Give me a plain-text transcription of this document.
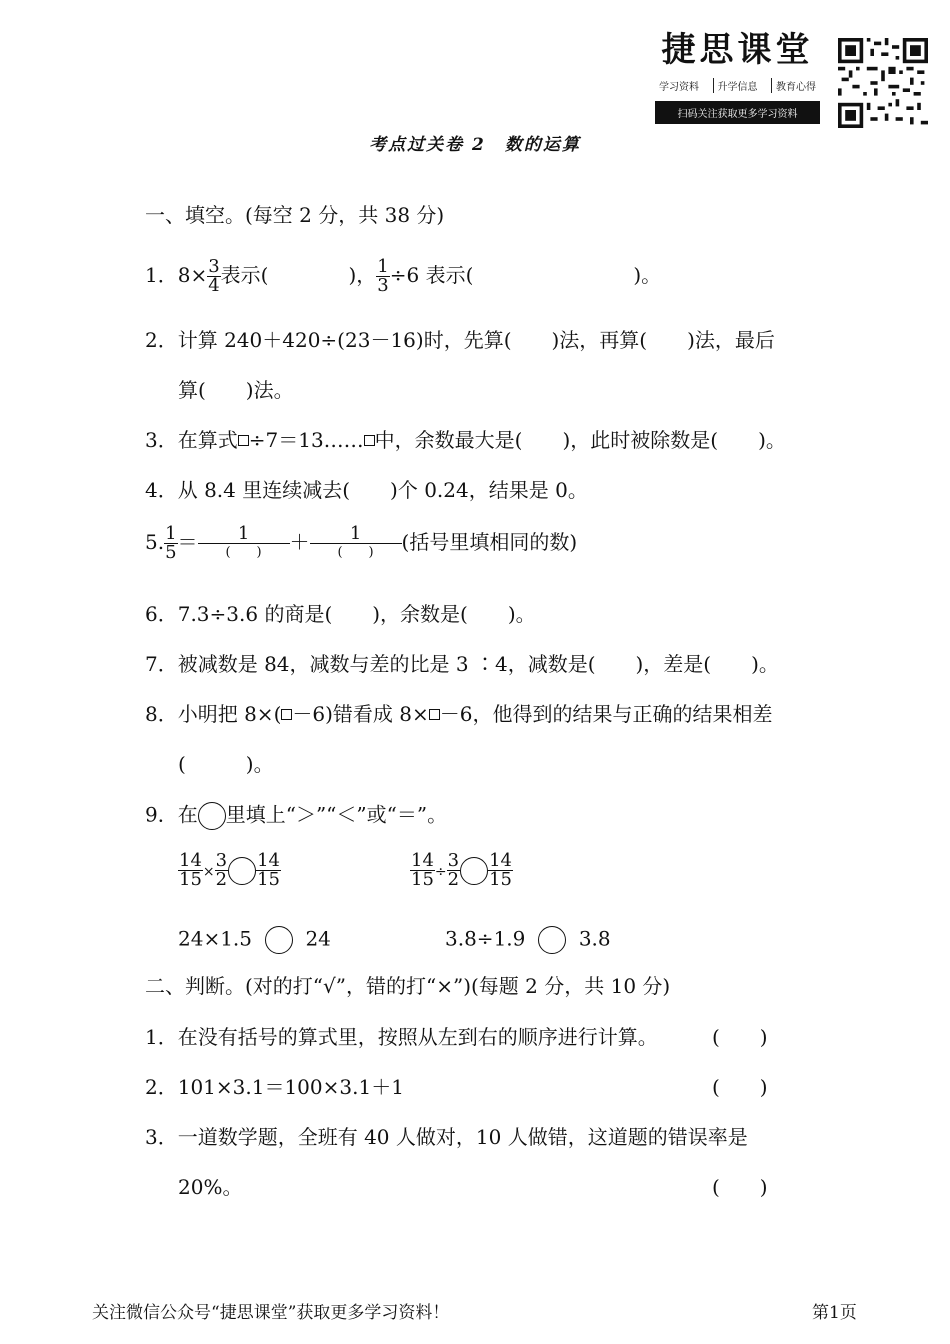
捷思课堂
学习资料	升学信息	教育心得
扫码关注获取更多学习资料
考点过关卷 2　数的运算
一、填空。(每空 2 分，共 38 分)
1．$8\times \frac{3}{4}$ 表示(　　　　)， $\frac{1}{3} \div 6$ 表示(　　　　　　　　)。
2．计算 240＋420÷(23－16)时，先算(　　)法，再算(　　)法，最后
算(　　)法。
3．在算式 ÷7＝13…… 中，余数最大是(　　)，此时被除数是(　　)。
4．从 8.4 里连续减去(　　)个 0.24，结果是 0。
5. $\frac{1}{5} = \frac{1}{( )} + \frac{1}{( )}$ (括号里填相同的数)
6．7.3÷3.6 的商是(　　)，余数是(　　)。
7．被减数是 84，减数与差的比是 3 ∶4，减数是(　　)，差是(　　)。
8．小明把 8×( －6)错看成 8× －6，他得到的结果与正确的结果相差
(　　　)。
9．在 里填上“＞”“＜”或“＝”。
$\frac{14}{15} \times \frac{3}{2} \frac{14}{15}$	$\frac{14}{15} \div \frac{3}{2} \frac{14}{15}$
24×1.5	24	3.8÷1.9	3.8
二、判断。(对的打“√”，错的打“×”)(每题 2 分，共 10 分)
1．在没有括号的算式里，按照从左到右的顺序进行计算。	(　　)
2．101×3.1＝100×3.1＋1	(　　)
3．一道数学题，全班有 40 人做对，10 人做错，这道题的错误率是
20%。	(　　)
关注微信公众号“捷思课堂”获取更多学习资料！	第1页
